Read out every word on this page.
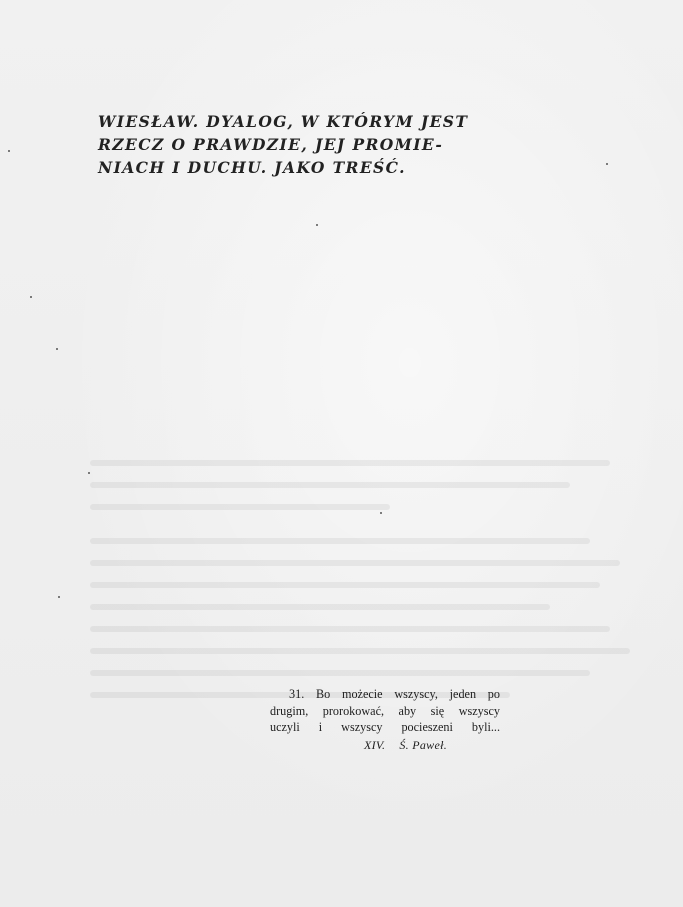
WIESŁAW. DYALOG, W KTÓRYM JEST
RZECZ O PRAWDZIE, JEJ PROMIE-
NIACH I DUCHU. JAKO TREŚĆ.
31. Bo możecie wszyscy, jeden po
drugim, prorokować, aby się wszyscy
uczyli i wszyscy pocieszeni byli...
XIV. Ś. Paweł.
